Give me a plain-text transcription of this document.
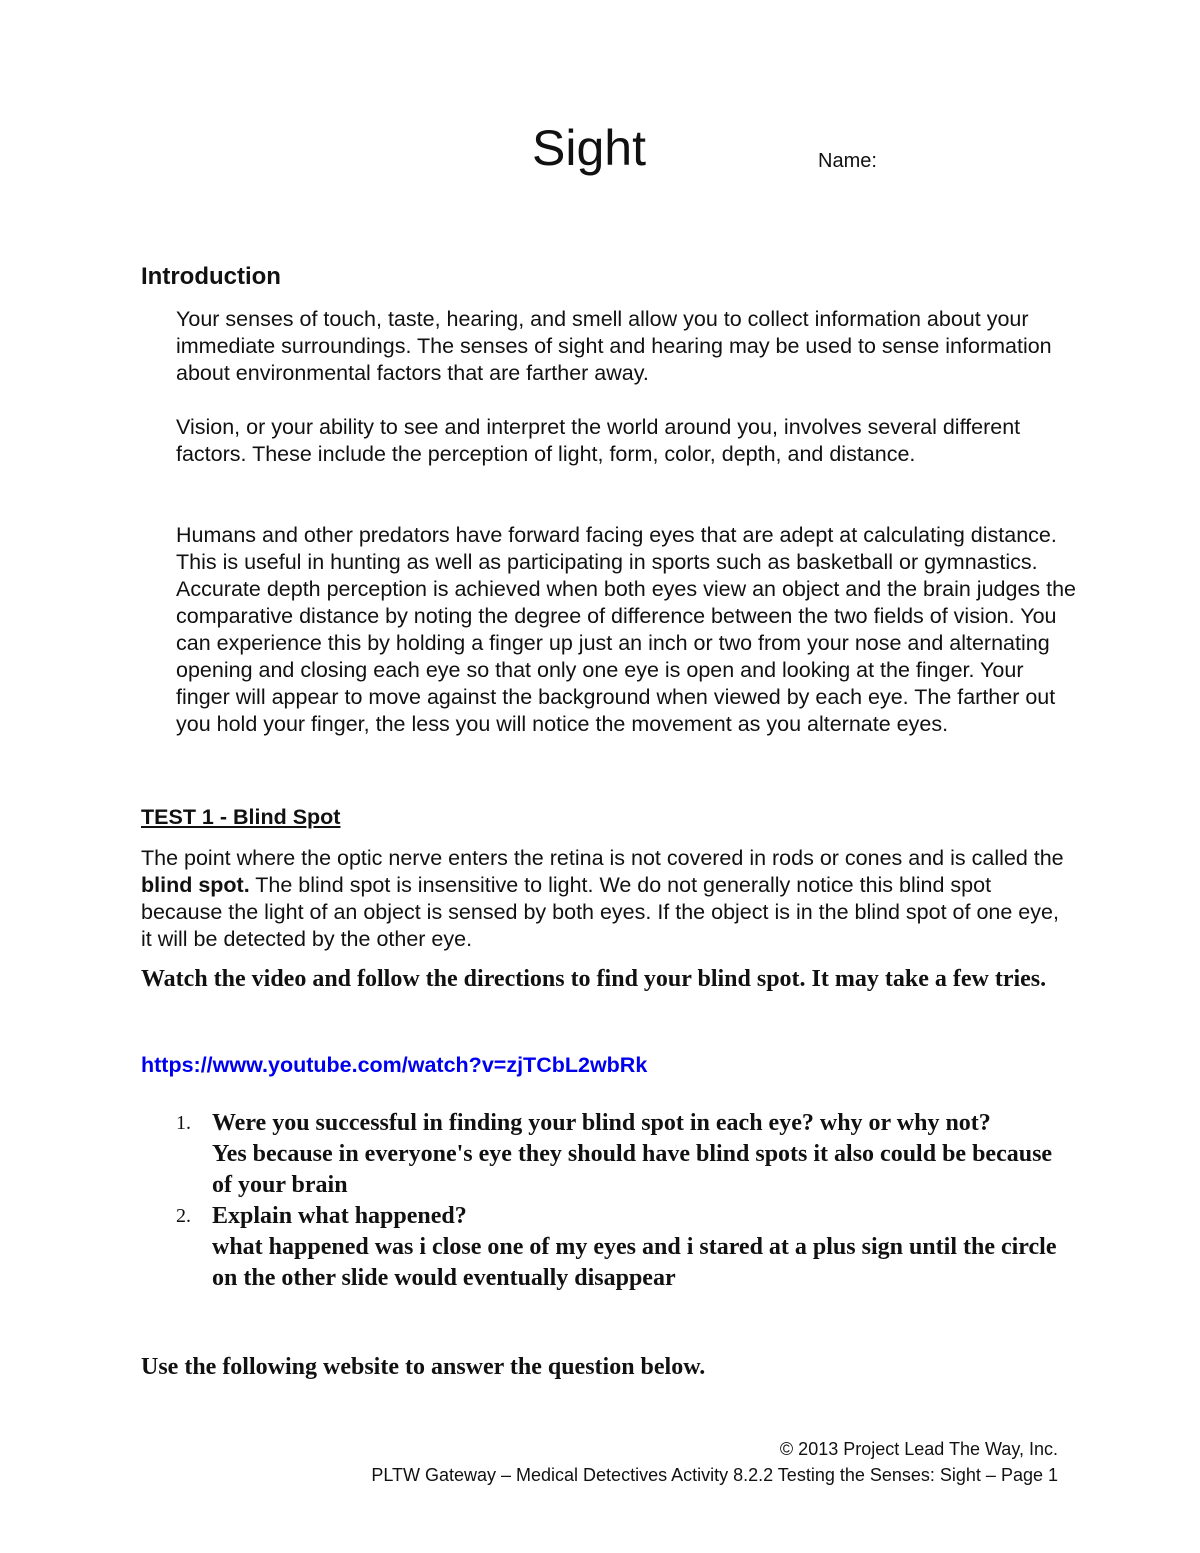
Sight	Name:
Introduction

Your senses of touch, taste, hearing, and smell allow you to collect information about your immediate surroundings. The senses of sight and hearing may be used to sense information about environmental factors that are farther away.

Vision, or your ability to see and interpret the world around you, involves several different factors. These include the perception of light, form, color, depth, and distance.

Humans and other predators have forward facing eyes that are adept at calculating distance. This is useful in hunting as well as participating in sports such as basketball or gymnastics. Accurate depth perception is achieved when both eyes view an object and the brain judges the comparative distance by noting the degree of difference between the two fields of vision. You can experience this by holding a finger up just an inch or two from your nose and alternating opening and closing each eye so that only one eye is open and looking at the finger. Your finger will appear to move against the background when viewed by each eye. The farther out you hold your finger, the less you will notice the movement as you alternate eyes.

TEST 1 - Blind Spot

The point where the optic nerve enters the retina is not covered in rods or cones and is called the blind spot. The blind spot is insensitive to light. We do not generally notice this blind spot because the light of an object is sensed by both eyes. If the object is in the blind spot of one eye, it will be detected by the other eye.

Watch the video and follow the directions to find your blind spot. It may take a few tries.

https://www.youtube.com/watch?v=zjTCbL2wbRk
1. Were you successful in finding your blind spot in each eye? why or why not?
Yes because in everyone's eye they should have blind spots it also could be because of your brain
2. Explain what happened?
what happened was i close one of my eyes and i stared at a plus sign until the circle on the other slide would eventually disappear
Use the following website to answer the question below.
© 2013 Project Lead The Way, Inc.
PLTW Gateway – Medical Detectives Activity 8.2.2 Testing the Senses: Sight – Page 1
